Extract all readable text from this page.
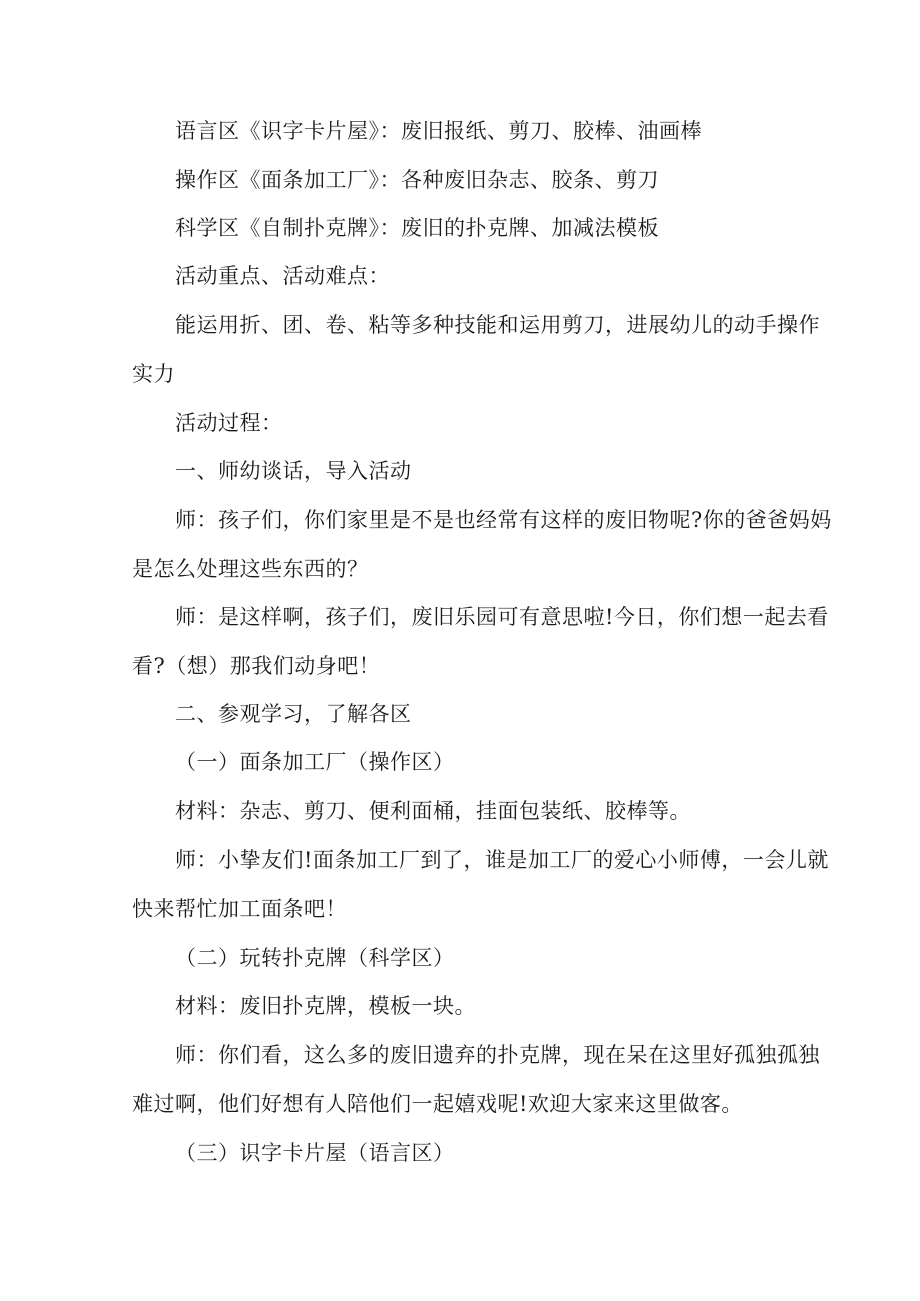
语言区《识字卡片屋》：废旧报纸、剪刀、胶棒、油画棒
操作区《面条加工厂》：各种废旧杂志、胶条、剪刀
科学区《自制扑克牌》：废旧的扑克牌、加减法模板
活动重点、活动难点：
能运用折、团、卷、粘等多种技能和运用剪刀，进展幼儿的动手操作
实力
活动过程：
一、师幼谈话，导入活动
师：孩子们，你们家里是不是也经常有这样的废旧物呢?你的爸爸妈妈
是怎么处理这些东西的？
师：是这样啊，孩子们，废旧乐园可有意思啦!今日，你们想一起去看
看?（想）那我们动身吧！
二、参观学习，了解各区
（一）面条加工厂（操作区）
材料：杂志、剪刀、便利面桶，挂面包装纸、胶棒等。
师：小挚友们!面条加工厂到了，谁是加工厂的爱心小师傅，一会儿就
快来帮忙加工面条吧！
（二）玩转扑克牌（科学区）
材料：废旧扑克牌，模板一块。
师：你们看，这么多的废旧遗弃的扑克牌，现在呆在这里好孤独孤独
难过啊，他们好想有人陪他们一起嬉戏呢!欢迎大家来这里做客。
（三）识字卡片屋（语言区）
